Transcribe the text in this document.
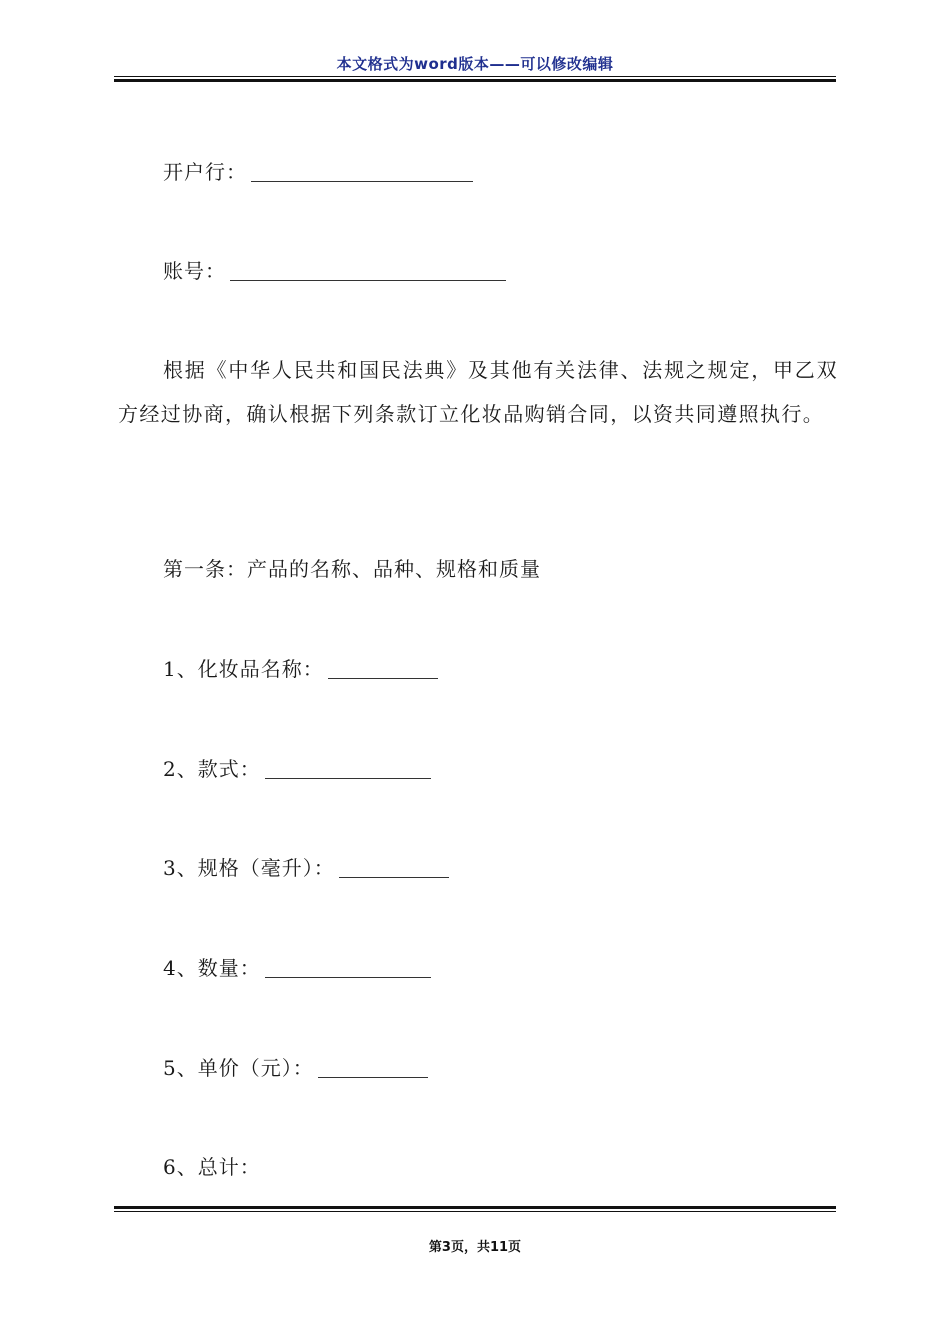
本文格式为word版本——可以修改编辑
开户行：
账号：
根据《中华人民共和国民法典》及其他有关法律、法规之规定，甲乙双方经过协商，确认根据下列条款订立化妆品购销合同，以资共同遵照执行。
第一条：产品的名称、品种、规格和质量
1、化妆品名称：
2、款式：
3、规格（毫升）：
4、数量：
5、单价（元）：
6、总计：
第3页，共11页
